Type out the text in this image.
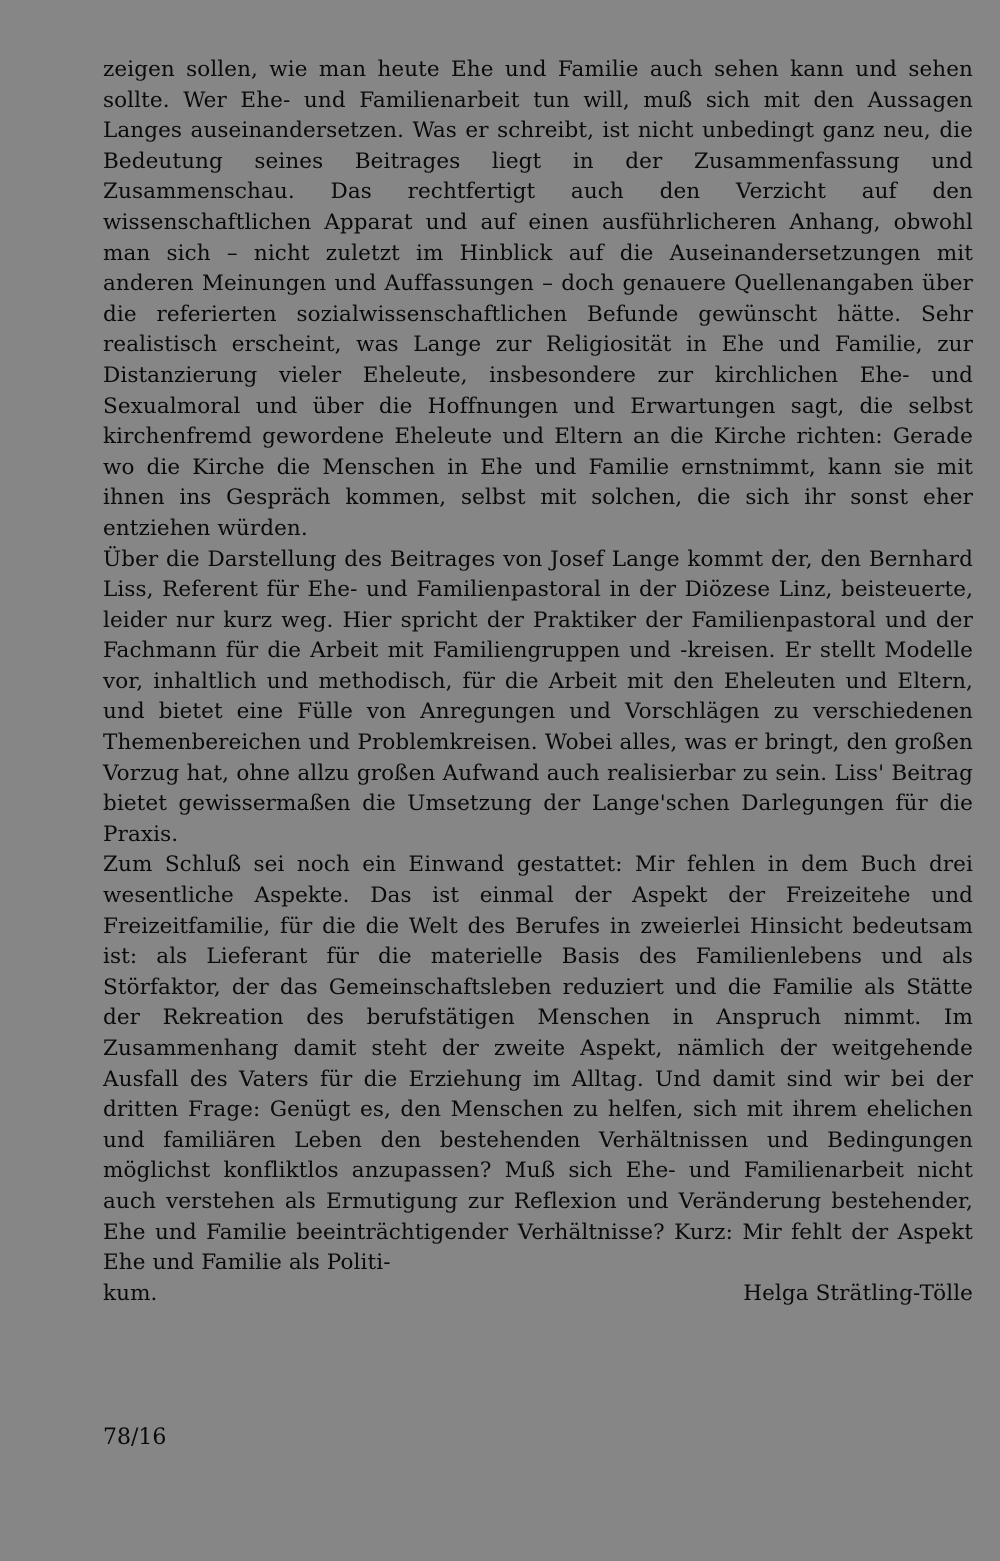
zeigen sollen, wie man heute Ehe und Familie auch sehen kann und sehen sollte. Wer Ehe- und Familienarbeit tun will, muß sich mit den Aussagen Langes auseinandersetzen. Was er schreibt, ist nicht unbedingt ganz neu, die Bedeutung seines Beitrages liegt in der Zusammenfassung und Zusammenschau. Das rechtfertigt auch den Verzicht auf den wissenschaftlichen Apparat und auf einen ausführlicheren Anhang, obwohl man sich – nicht zuletzt im Hinblick auf die Auseinandersetzungen mit anderen Meinungen und Auffassungen – doch genauere Quellenangaben über die referierten sozialwissenschaftlichen Befunde gewünscht hätte. Sehr realistisch erscheint, was Lange zur Religiosität in Ehe und Familie, zur Distanzierung vieler Eheleute, insbesondere zur kirchlichen Ehe- und Sexualmoral und über die Hoffnungen und Erwartungen sagt, die selbst kirchenfremd gewordene Eheleute und Eltern an die Kirche richten: Gerade wo die Kirche die Menschen in Ehe und Familie ernstnimmt, kann sie mit ihnen ins Gespräch kommen, selbst mit solchen, die sich ihr sonst eher entziehen würden.

Über die Darstellung des Beitrages von Josef Lange kommt der, den Bernhard Liss, Referent für Ehe- und Familienpastoral in der Diözese Linz, beisteuerte, leider nur kurz weg. Hier spricht der Praktiker der Familienpastoral und der Fachmann für die Arbeit mit Familiengruppen und -kreisen. Er stellt Modelle vor, inhaltlich und methodisch, für die Arbeit mit den Eheleuten und Eltern, und bietet eine Fülle von Anregungen und Vorschlägen zu verschiedenen Themenbereichen und Problemkreisen. Wobei alles, was er bringt, den großen Vorzug hat, ohne allzu großen Aufwand auch realisierbar zu sein. Liss' Beitrag bietet gewissermaßen die Umsetzung der Lange'schen Darlegungen für die Praxis.

Zum Schluß sei noch ein Einwand gestattet: Mir fehlen in dem Buch drei wesentliche Aspekte. Das ist einmal der Aspekt der Freizeitehe und Freizeitfamilie, für die die Welt des Berufes in zweierlei Hinsicht bedeutsam ist: als Lieferant für die materielle Basis des Familienlebens und als Störfaktor, der das Gemeinschaftsleben reduziert und die Familie als Stätte der Rekreation des berufstätigen Menschen in Anspruch nimmt. Im Zusammenhang damit steht der zweite Aspekt, nämlich der weitgehende Ausfall des Vaters für die Erziehung im Alltag. Und damit sind wir bei der dritten Frage: Genügt es, den Menschen zu helfen, sich mit ihrem ehelichen und familiären Leben den bestehenden Verhältnissen und Bedingungen möglichst konfliktlos anzupassen? Muß sich Ehe- und Familienarbeit nicht auch verstehen als Ermutigung zur Reflexion und Veränderung bestehender, Ehe und Familie beeinträchtigender Verhältnisse? Kurz: Mir fehlt der Aspekt Ehe und Familie als Politi-

kum.	Helga Strätling-Tölle
78/16
